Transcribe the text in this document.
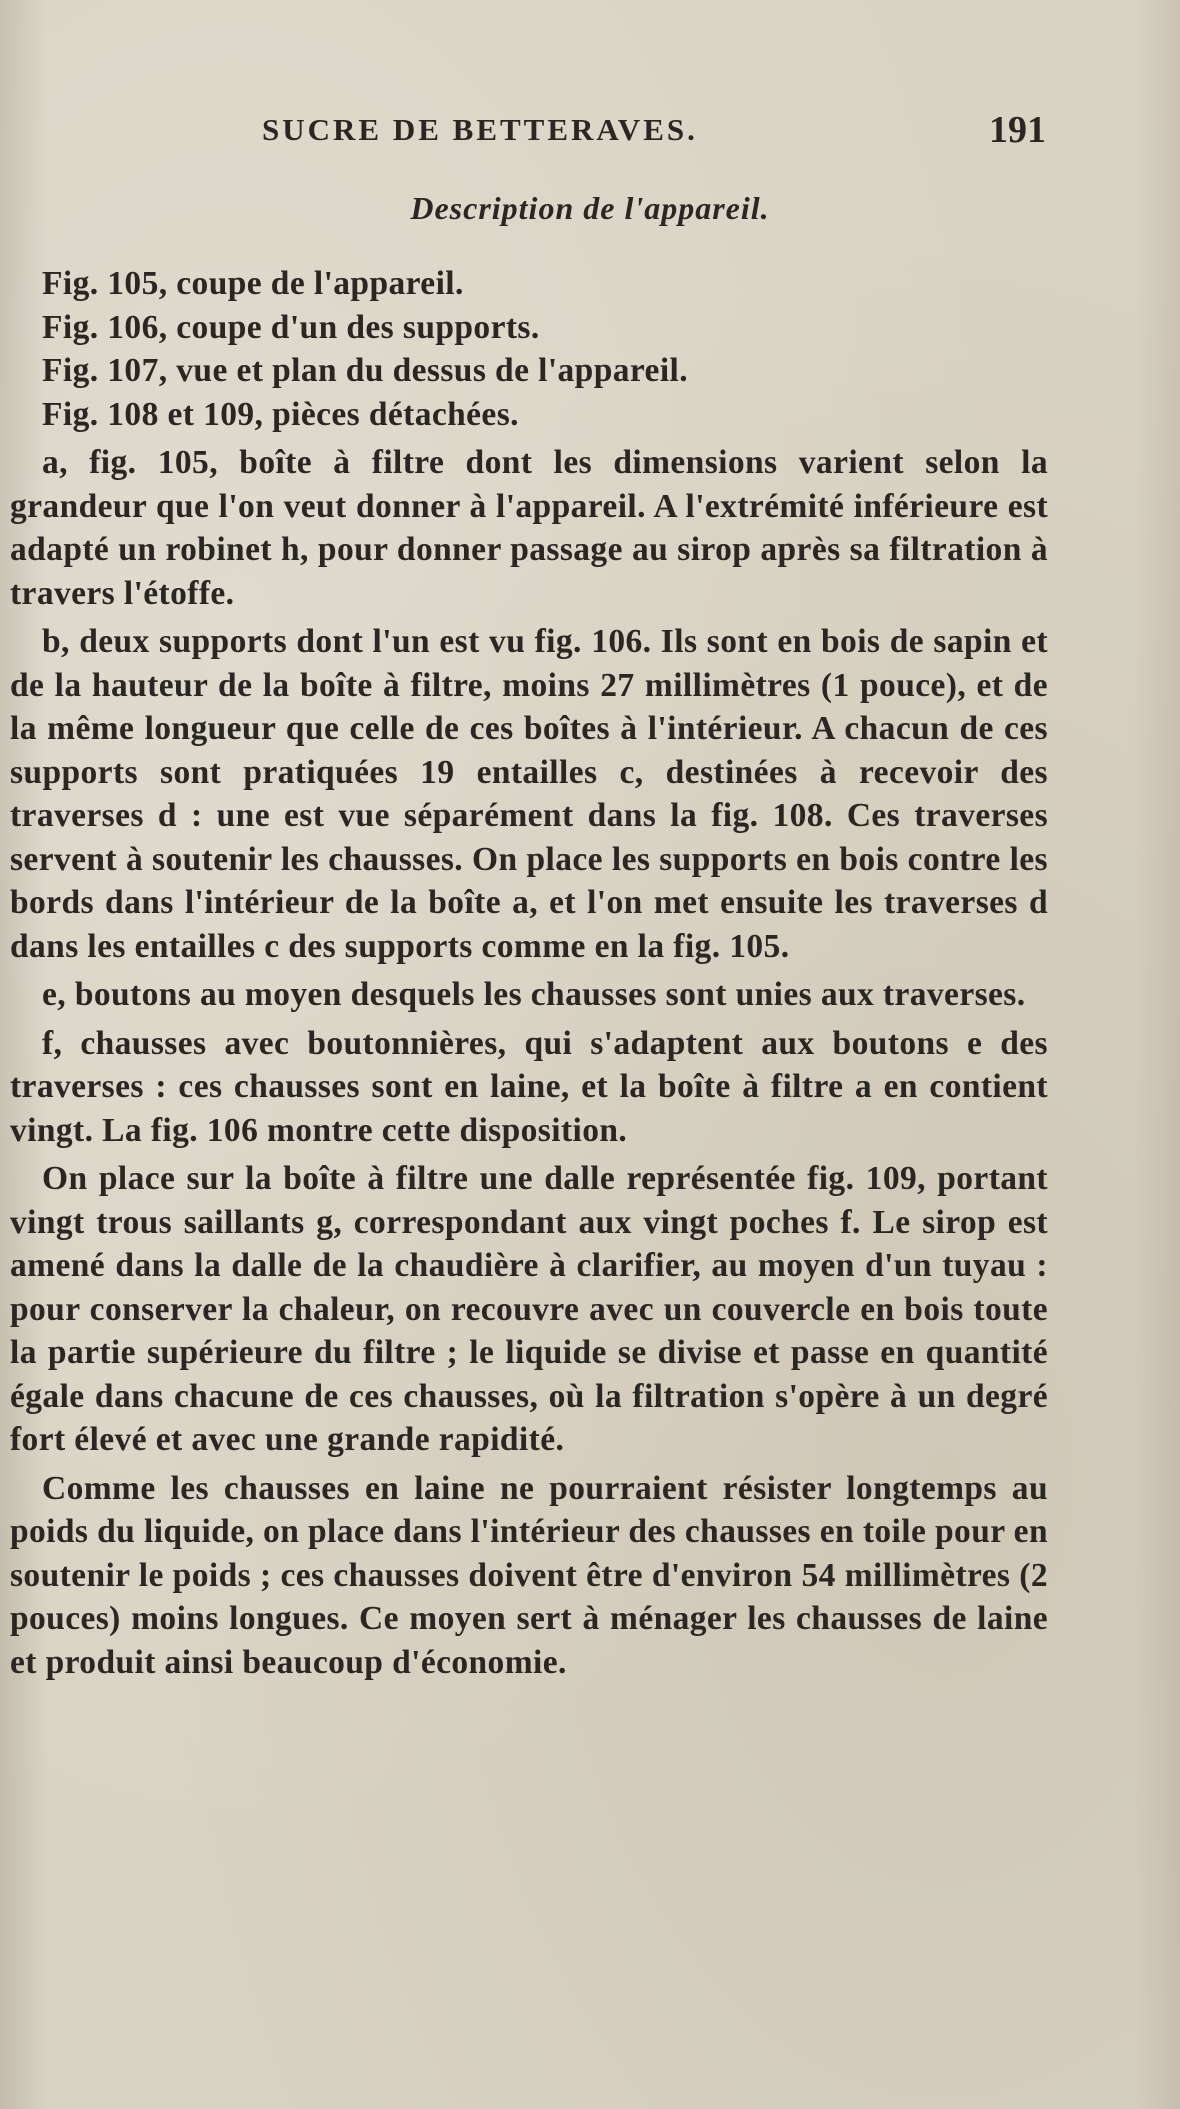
SUCRE DE BETTERAVES.	191
Description de l'appareil.
Fig. 105, coupe de l'appareil.
Fig. 106, coupe d'un des supports.
Fig. 107, vue et plan du dessus de l'appareil.
Fig. 108 et 109, pièces détachées.

a, fig. 105, boîte à filtre dont les dimensions varient selon la grandeur que l'on veut donner à l'appareil. A l'extrémité inférieure est adapté un robinet h, pour donner passage au sirop après sa filtration à travers l'étoffe.

b, deux supports dont l'un est vu fig. 106. Ils sont en bois de sapin et de la hauteur de la boîte à filtre, moins 27 millimètres (1 pouce), et de la même longueur que celle de ces boîtes à l'intérieur. A chacun de ces supports sont pratiquées 19 entailles c, destinées à recevoir des traverses d : une est vue séparément dans la fig. 108. Ces traverses servent à soutenir les chausses. On place les supports en bois contre les bords dans l'intérieur de la boîte a, et l'on met ensuite les traverses d dans les entailles c des supports comme en la fig. 105.

e, boutons au moyen desquels les chausses sont unies aux traverses.

f, chausses avec boutonnières, qui s'adaptent aux boutons e des traverses : ces chausses sont en laine, et la boîte à filtre a en contient vingt. La fig. 106 montre cette disposition.

On place sur la boîte à filtre une dalle représentée fig. 109, portant vingt trous saillants g, correspondant aux vingt poches f. Le sirop est amené dans la dalle de la chaudière à clarifier, au moyen d'un tuyau : pour conserver la chaleur, on recouvre avec un couvercle en bois toute la partie supérieure du filtre ; le liquide se divise et passe en quantité égale dans chacune de ces chausses, où la filtration s'opère à un degré fort élevé et avec une grande rapidité.

Comme les chausses en laine ne pourraient résister longtemps au poids du liquide, on place dans l'intérieur des chausses en toile pour en soutenir le poids ; ces chausses doivent être d'environ 54 millimètres (2 pouces) moins longues. Ce moyen sert à ménager les chausses de laine et produit ainsi beaucoup d'économie.
